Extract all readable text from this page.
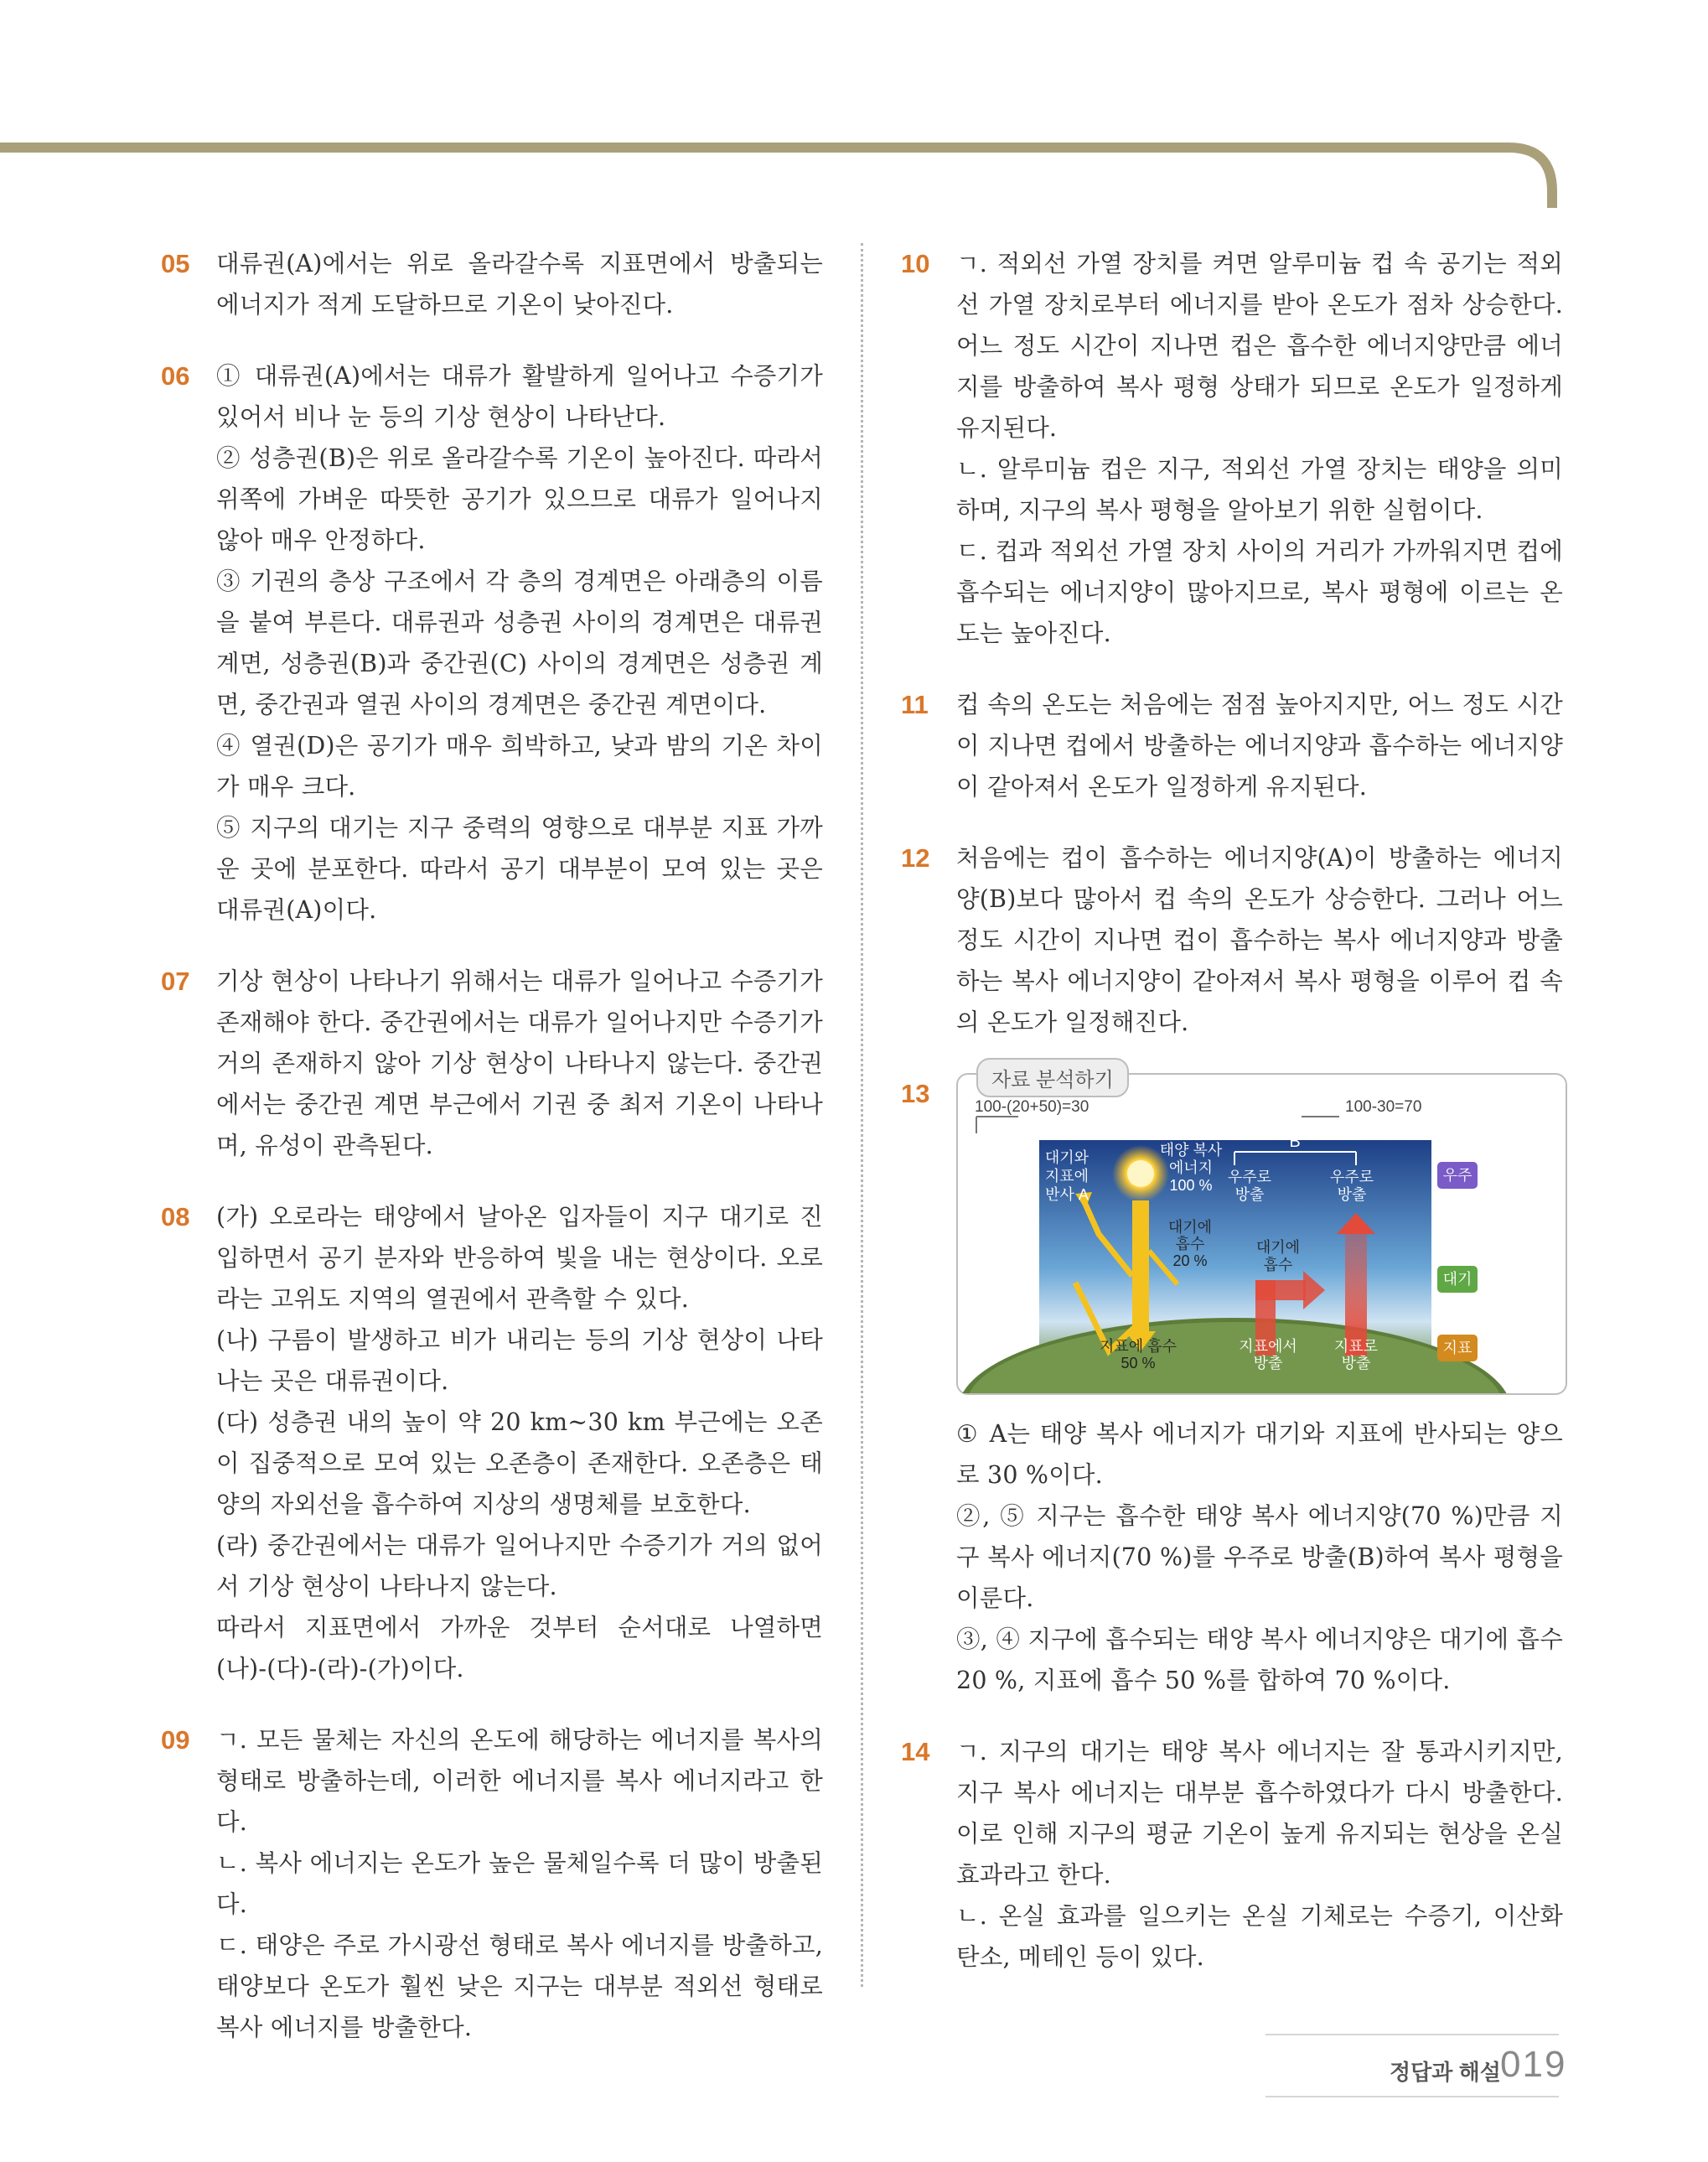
05 대류권(A)에서는 위로 올라갈수록 지표면에서 방출되는 에너지가 적게 도달하므로 기온이 낮아진다.

06 ① 대류권(A)에서는 대류가 활발하게 일어나고 수증기가 있어서 비나 눈 등의 기상 현상이 나타난다.

② 성층권(B)은 위로 올라갈수록 기온이 높아진다. 따라서 위쪽에 가벼운 따뜻한 공기가 있으므로 대류가 일어나지 않아 매우 안정하다.

③ 기권의 층상 구조에서 각 층의 경계면은 아래층의 이름을 붙여 부른다. 대류권과 성층권 사이의 경계면은 대류권 계면, 성층권(B)과 중간권(C) 사이의 경계면은 성층권 계면, 중간권과 열권 사이의 경계면은 중간권 계면이다.

④ 열권(D)은 공기가 매우 희박하고, 낮과 밤의 기온 차이가 매우 크다.

⑤ 지구의 대기는 지구 중력의 영향으로 대부분 지표 가까운 곳에 분포한다. 따라서 공기 대부분이 모여 있는 곳은 대류권(A)이다.

07 기상 현상이 나타나기 위해서는 대류가 일어나고 수증기가 존재해야 한다. 중간권에서는 대류가 일어나지만 수증기가 거의 존재하지 않아 기상 현상이 나타나지 않는다. 중간권에서는 중간권 계면 부근에서 기권 중 최저 기온이 나타나며, 유성이 관측된다.

08 (가) 오로라는 태양에서 날아온 입자들이 지구 대기로 진입하면서 공기 분자와 반응하여 빛을 내는 현상이다. 오로라는 고위도 지역의 열권에서 관측할 수 있다.

(나) 구름이 발생하고 비가 내리는 등의 기상 현상이 나타나는 곳은 대류권이다.

(다) 성층권 내의 높이 약 20 km~30 km 부근에는 오존이 집중적으로 모여 있는 오존층이 존재한다. 오존층은 태양의 자외선을 흡수하여 지상의 생명체를 보호한다.

(라) 중간권에서는 대류가 일어나지만 수증기가 거의 없어서 기상 현상이 나타나지 않는다.

따라서 지표면에서 가까운 것부터 순서대로 나열하면 (나)-(다)-(라)-(가)이다.

09 ㄱ. 모든 물체는 자신의 온도에 해당하는 에너지를 복사의 형태로 방출하는데, 이러한 에너지를 복사 에너지라고 한다.

ㄴ. 복사 에너지는 온도가 높은 물체일수록 더 많이 방출된다.

ㄷ. 태양은 주로 가시광선 형태로 복사 에너지를 방출하고, 태양보다 온도가 훨씬 낮은 지구는 대부분 적외선 형태로 복사 에너지를 방출한다.

10 ㄱ. 적외선 가열 장치를 켜면 알루미늄 컵 속 공기는 적외선 가열 장치로부터 에너지를 받아 온도가 점차 상승한다. 어느 정도 시간이 지나면 컵은 흡수한 에너지양만큼 에너지를 방출하여 복사 평형 상태가 되므로 온도가 일정하게 유지된다.

ㄴ. 알루미늄 컵은 지구, 적외선 가열 장치는 태양을 의미하며, 지구의 복사 평형을 알아보기 위한 실험이다.

ㄷ. 컵과 적외선 가열 장치 사이의 거리가 가까워지면 컵에 흡수되는 에너지양이 많아지므로, 복사 평형에 이르는 온도는 높아진다.

11 컵 속의 온도는 처음에는 점점 높아지지만, 어느 정도 시간이 지나면 컵에서 방출하는 에너지양과 흡수하는 에너지양이 같아져서 온도가 일정하게 유지된다.

12 처음에는 컵이 흡수하는 에너지양(A)이 방출하는 에너지양(B)보다 많아서 컵 속의 온도가 상승한다. 그러나 어느 정도 시간이 지나면 컵이 흡수하는 복사 에너지양과 방출하는 복사 에너지양이 같아져서 복사 평형을 이루어 컵 속의 온도가 일정해진다.

13	100-(20+50)=30	100-30=70
대기와
지표에
반사 A
태양 복사
에너지
100 %
B
우주로
방출
우주로
방출
대기에
흡수
20 %
대기에
흡수
지표에 흡수
50 %
지표에서
방출
지표로
방출
우주
대기
지표
자료 분석하기

① A는 태양 복사 에너지가 대기와 지표에 반사되는 양으로 30 %이다.

②, ⑤ 지구는 흡수한 태양 복사 에너지양(70 %)만큼 지구 복사 에너지(70 %)를 우주로 방출(B)하여 복사 평형을 이룬다.

③, ④ 지구에 흡수되는 태양 복사 에너지양은 대기에 흡수 20 %, 지표에 흡수 50 %를 합하여 70 %이다.

14 ㄱ. 지구의 대기는 태양 복사 에너지는 잘 통과시키지만, 지구 복사 에너지는 대부분 흡수하였다가 다시 방출한다. 이로 인해 지구의 평균 기온이 높게 유지되는 현상을 온실 효과라고 한다.

ㄴ. 온실 효과를 일으키는 온실 기체로는 수증기, 이산화 탄소, 메테인 등이 있다.

정답과 해설 019
